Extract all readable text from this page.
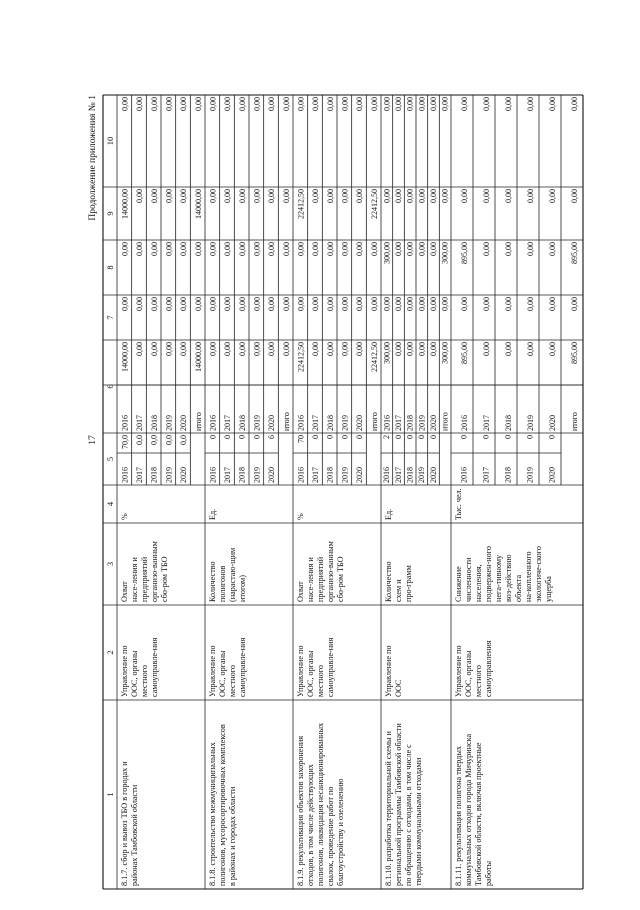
Продолжение приложения № 1
17
1
2
3
4
5
6
7
8
9
10
8.1.7. сбор и вывоз ТБО в городах и районах Тамбовской области
Управление по ООС, органы местного самоуправле-ния
Охват насе-ления и предприятий организо-ванным сбо-ром ТБО
%
2016
70,0
2017
0,0
2018
0,0
2019
0,0
2020
0,0
2016
14000,00
0,00
0,00
14000,00
0,00
2017
0,00
0,00
0,00
0,00
0,00
2018
0,00
0,00
0,00
0,00
0,00
2019
0,00
0,00
0,00
0,00
0,00
2020
0,00
0,00
0,00
0,00
0,00
итого
14000,00
0,00
0,00
14000,00
0,00
8.1.8. строительство межмуниципальных полигонов, мусоросортировочных комплексов в районах и городах области
Управление по ООС, органы местного самоуправле-ния
Количество полигонов (нарастаю-щим итогом)
Ед.
2016
0
2017
0
2018
0
2019
0
2020
6
2016
0,00
0,00
0,00
0,00
0,00
2017
0,00
0,00
0,00
0,00
0,00
2018
0,00
0,00
0,00
0,00
0,00
2019
0,00
0,00
0,00
0,00
0,00
2020
0,00
0,00
0,00
0,00
0,00
итого
0,00
0,00
0,00
0,00
0,00
8.1.9. рекультивация объектов захоронения отходов, в том числе действующих полигонов, ликвидация несанкционированных свалок, проведение работ по благоустройству и озеленению
Управление по ООС, органы местного самоуправле-ния
Охват насе-ления и предприятий организо-ванным сбо-ром ТБО
%
2016
70
2017
0
2018
0
2019
0
2020
0
2016
22412,50
0,00
0,00
22412,50
0,00
2017
0,00
0,00
0,00
0,00
0,00
2018
0,00
0,00
0,00
0,00
0,00
2019
0,00
0,00
0,00
0,00
0,00
2020
0,00
0,00
0,00
0,00
0,00
итого
22412,50
0,00
0,00
22412,50
0,00
8.1.10. разработка территориальной схемы и региональной программы Тамбовской области по обращению с отходами, в том числе с твердыми коммунальными отходами
Управление по ООС
Количество схем и про-грамм
Ед.
2016
2
2017
0
2018
0
2019
0
2020
0
2016
300,00
0,00
300,00
0,00
0,00
2017
0,00
0,00
0,00
0,00
0,00
2018
0,00
0,00
0,00
0,00
0,00
2019
0,00
0,00
0,00
0,00
0,00
2020
0,00
0,00
0,00
0,00
0,00
итого
300,00
0,00
300,00
0,00
0,00
8.1.11. рекультивация полигона твердых коммунальных отходов города Мичуринска Тамбовской области, включая проектные работы
Управление по ООС, органы местного самоуправления
Снижение численности населения, подвержен-ного нега-тивному воз-действию объекта на-копленного экологиче-ского ущерба
Тыс. чел.
2016
0
2017
0
2018
0
2019
0
2020
0
2016
895,00
0,00
895,00
0,00
0,00
2017
0,00
0,00
0,00
0,00
0,00
2018
0,00
0,00
0,00
0,00
0,00
2019
0,00
0,00
0,00
0,00
0,00
2020
0,00
0,00
0,00
0,00
0,00
итого
895,00
0,00
895,00
0,00
0,00
